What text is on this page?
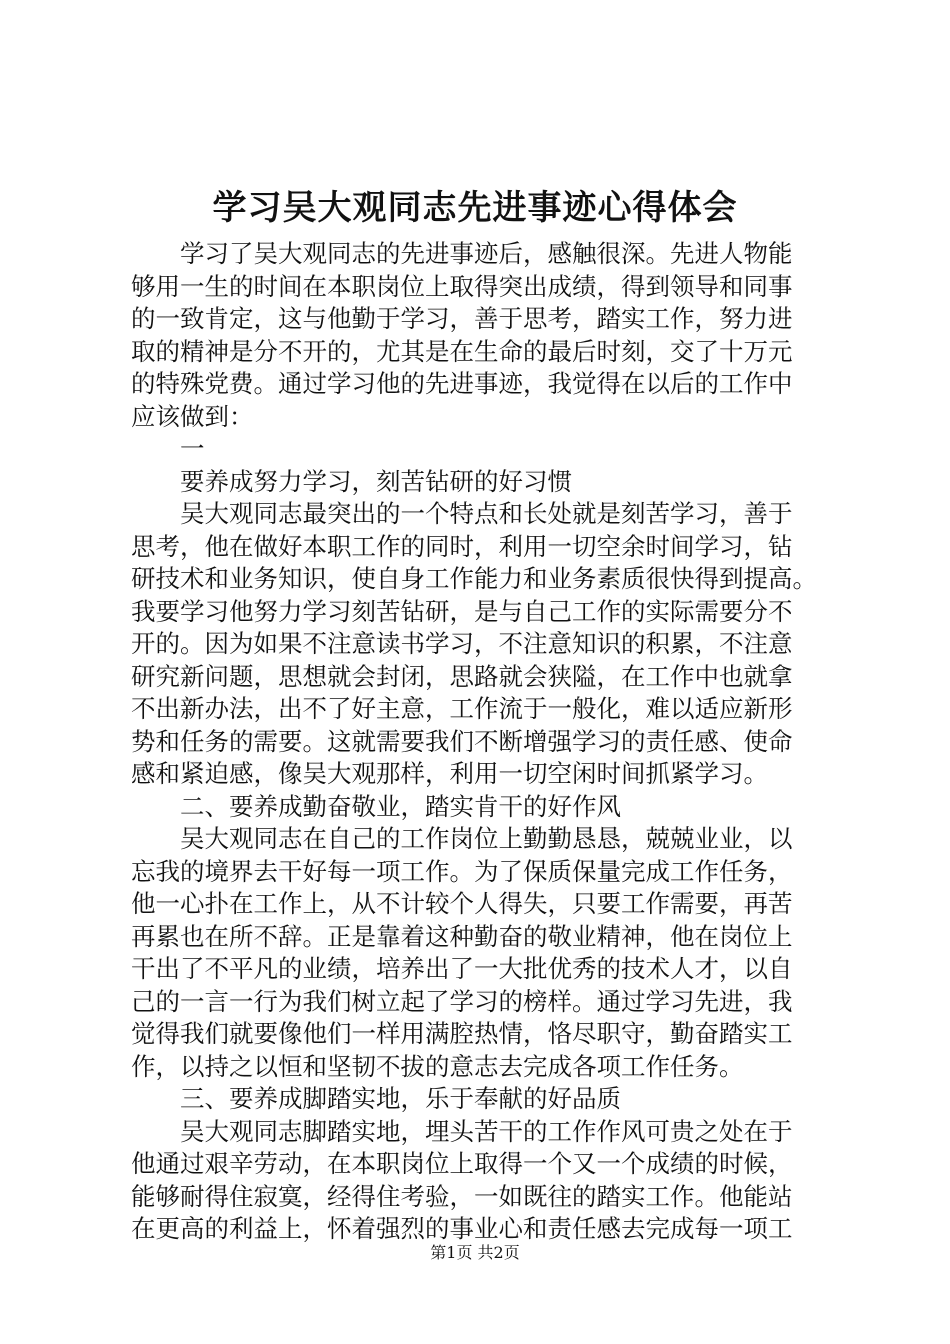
学习吴大观同志先进事迹心得体会
学习了吴大观同志的先进事迹后，感触很深。先进人物能
够用一生的时间在本职岗位上取得突出成绩，得到领导和同事
的一致肯定，这与他勤于学习，善于思考，踏实工作，努力进
取的精神是分不开的，尤其是在生命的最后时刻，交了十万元
的特殊党费。通过学习他的先进事迹，我觉得在以后的工作中
应该做到：
一
要养成努力学习，刻苦钻研的好习惯
吴大观同志最突出的一个特点和长处就是刻苦学习，善于
思考，他在做好本职工作的同时，利用一切空余时间学习，钻
研技术和业务知识，使自身工作能力和业务素质很快得到提高。
我要学习他努力学习刻苦钻研，是与自己工作的实际需要分不
开的。因为如果不注意读书学习，不注意知识的积累，不注意
研究新问题，思想就会封闭，思路就会狭隘，在工作中也就拿
不出新办法，出不了好主意，工作流于一般化，难以适应新形
势和任务的需要。这就需要我们不断增强学习的责任感、使命
感和紧迫感，像吴大观那样，利用一切空闲时间抓紧学习。
二、要养成勤奋敬业，踏实肯干的好作风
吴大观同志在自己的工作岗位上勤勤恳恳，兢兢业业，以
忘我的境界去干好每一项工作。为了保质保量完成工作任务，
他一心扑在工作上，从不计较个人得失，只要工作需要，再苦
再累也在所不辞。正是靠着这种勤奋的敬业精神，他在岗位上
干出了不平凡的业绩，培养出了一大批优秀的技术人才，以自
己的一言一行为我们树立起了学习的榜样。通过学习先进，我
觉得我们就要像他们一样用满腔热情，恪尽职守，勤奋踏实工
作，以持之以恒和坚韧不拔的意志去完成各项工作任务。
三、要养成脚踏实地，乐于奉献的好品质
吴大观同志脚踏实地，埋头苦干的工作作风可贵之处在于
他通过艰辛劳动，在本职岗位上取得一个又一个成绩的时候，
能够耐得住寂寞，经得住考验，一如既往的踏实工作。他能站
在更高的利益上，怀着强烈的事业心和责任感去完成每一项工
第1页 共2页
